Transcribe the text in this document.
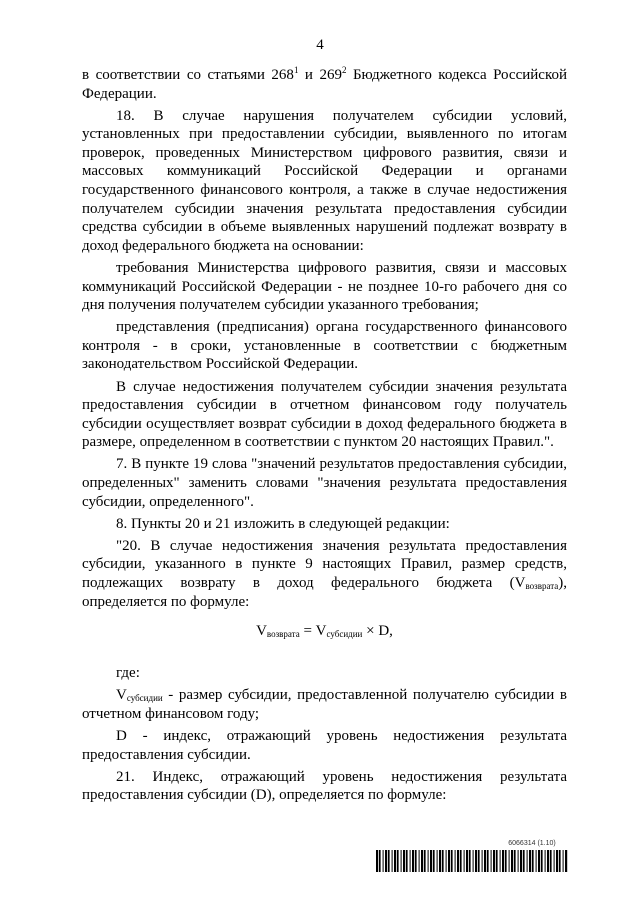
4

в соответствии со статьями $268^1$ и $269^2$ Бюджетного кодекса Российской Федерации.

18. В случае нарушения получателем субсидии условий, установленных при предоставлении субсидии, выявленного по итогам проверок, проведенных Министерством цифрового развития, связи и массовых коммуникаций Российской Федерации и органами государственного финансового контроля, а также в случае недостижения получателем субсидии значения результата предоставления субсидии средства субсидии в объеме выявленных нарушений подлежат возврату в доход федерального бюджета на основании:

требования Министерства цифрового развития, связи и массовых коммуникаций Российской Федерации - не позднее 10-го рабочего дня со дня получения получателем субсидии указанного требования;

представления (предписания) органа государственного финансового контроля - в сроки, установленные в соответствии с бюджетным законодательством Российской Федерации.

В случае недостижения получателем субсидии значения результата предоставления субсидии в отчетном финансовом году получатель субсидии осуществляет возврат субсидии в доход федерального бюджета в размере, определенном в соответствии с пунктом 20 настоящих Правил.".

7. В пункте 19 слова "значений результатов предоставления субсидии, определенных" заменить словами "значения результата предоставления субсидии, определенного".

8. Пункты 20 и 21 изложить в следующей редакции:

"20. В случае недостижения значения результата предоставления субсидии, указанного в пункте 9 настоящих Правил, размер средств, подлежащих возврату в доход федерального бюджета $(V_{возврата})$, определяется по формуле:

$V_{возврата} = V_{субсидии} \times D$,

где:

$V_{субсидии}$ - размер субсидии, предоставленной получателю субсидии в отчетном финансовом году;

D - индекс, отражающий уровень недостижения результата предоставления субсидии.

21. Индекс, отражающий уровень недостижения результата предоставления субсидии (D), определяется по формуле:

6066314 (1.10)
